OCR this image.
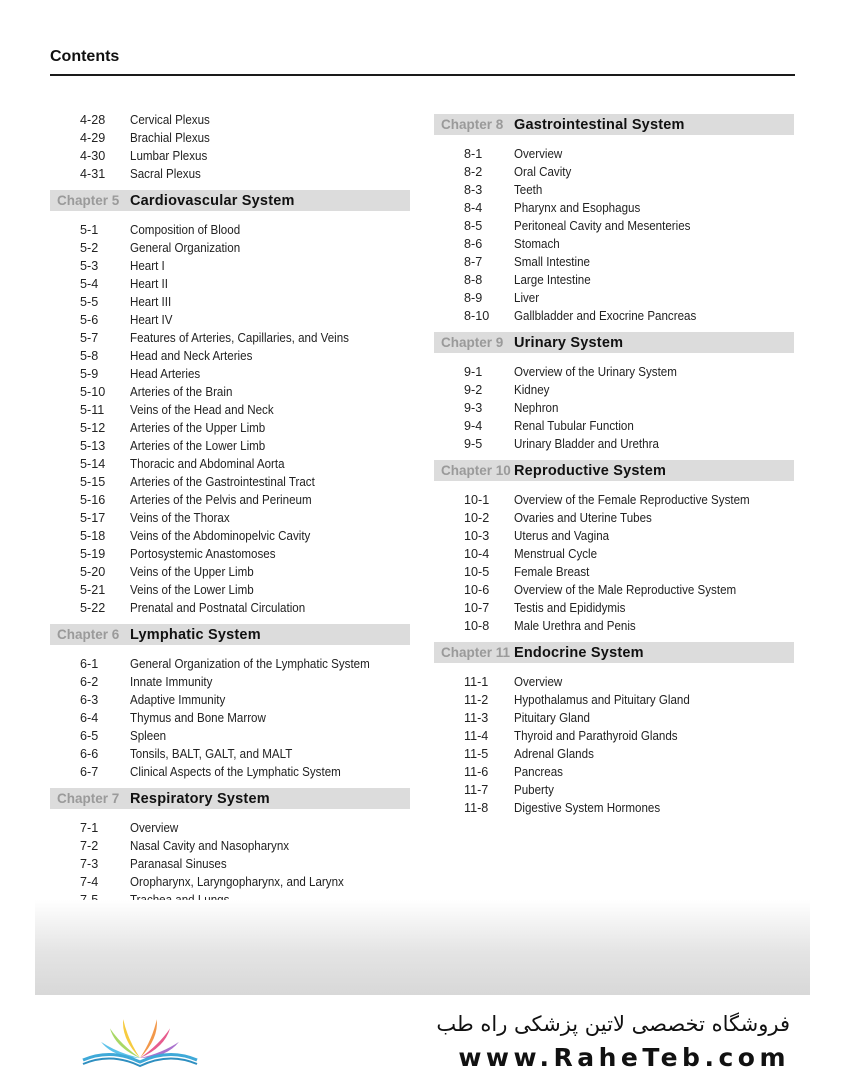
Contents
4-28	Cervical Plexus
4-29	Brachial Plexus
4-30	Lumbar Plexus
4-31	Sacral Plexus
Chapter 5 Cardiovascular System
5-1	Composition of Blood
5-2	General Organization
5-3	Heart I
5-4	Heart II
5-5	Heart III
5-6	Heart IV
5-7	Features of Arteries, Capillaries, and Veins
5-8	Head and Neck Arteries
5-9	Head Arteries
5-10	Arteries of the Brain
5-11	Veins of the Head and Neck
5-12	Arteries of the Upper Limb
5-13	Arteries of the Lower Limb
5-14	Thoracic and Abdominal Aorta
5-15	Arteries of the Gastrointestinal Tract
5-16	Arteries of the Pelvis and Perineum
5-17	Veins of the Thorax
5-18	Veins of the Abdominopelvic Cavity
5-19	Portosystemic Anastomoses
5-20	Veins of the Upper Limb
5-21	Veins of the Lower Limb
5-22	Prenatal and Postnatal Circulation
Chapter 6 Lymphatic System
6-1	General Organization of the Lymphatic System
6-2	Innate Immunity
6-3	Adaptive Immunity
6-4	Thymus and Bone Marrow
6-5	Spleen
6-6	Tonsils, BALT, GALT, and MALT
6-7	Clinical Aspects of the Lymphatic System
Chapter 7 Respiratory System
7-1	Overview
7-2	Nasal Cavity and Nasopharynx
7-3	Paranasal Sinuses
7-4	Oropharynx, Laryngopharynx, and Larynx
Chapter 8 Gastrointestinal System
8-1	Overview
8-2	Oral Cavity
8-3	Teeth
8-4	Pharynx and Esophagus
8-5	Peritoneal Cavity and Mesenteries
8-6	Stomach
8-7	Small Intestine
8-8	Large Intestine
8-9	Liver
8-10	Gallbladder and Exocrine Pancreas
Chapter 9 Urinary System
9-1	Overview of the Urinary System
9-2	Kidney
9-3	Nephron
9-4	Renal Tubular Function
9-5	Urinary Bladder and Urethra
Chapter 10 Reproductive System
10-1	Overview of the Female Reproductive System
10-2	Ovaries and Uterine Tubes
10-3	Uterus and Vagina
10-4	Menstrual Cycle
10-5	Female Breast
10-6	Overview of the Male Reproductive System
10-7	Testis and Epididymis
10-8	Male Urethra and Penis
Chapter 11 Endocrine System
11-1	Overview
11-2	Hypothalamus and Pituitary Gland
11-3	Pituitary Gland
11-4	Thyroid and Parathyroid Glands
11-5	Adrenal Glands
11-6	Pancreas
11-7	Puberty
11-8	Digestive System Hormones
فروشگاه تخصصی لاتین پزشکی راه طب
www.RaheTeb.com
